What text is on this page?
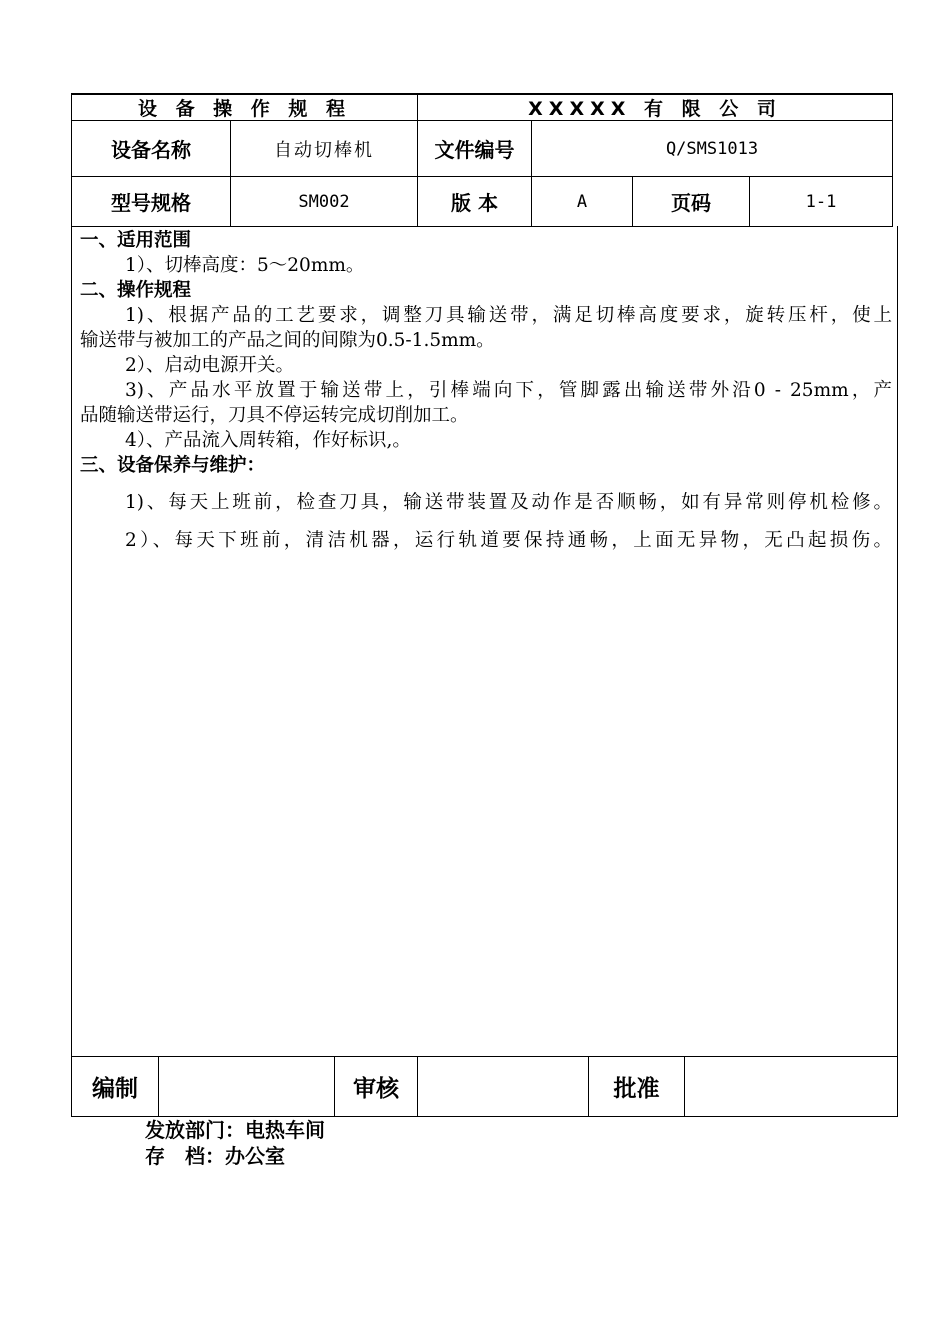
设 备 操 作 规 程	XXXXX 有 限 公 司
设备名称	自动切棒机	文件编号	Q/SMS1013
型号规格	SM002	版 本	A	页码	1-1
一、适用范围
1）、切棒高度：5～20mm。
二、操作规程
1)、根据产品的工艺要求，调整刀具输送带，满足切棒高度要求，旋转压杆，使上
输送带与被加工的产品之间的间隙为0.5-1.5mm。
2）、启动电源开关。
3)、产品水平放置于输送带上，引棒端向下，管脚露出输送带外沿0 - 25mm，产
品随输送带运行，刀具不停运转完成切削加工。
4）、产品流入周转箱，作好标识,。
三、设备保养与维护：
1)、每天上班前，检查刀具，输送带装置及动作是否顺畅，如有异常则停机检修。
2）、每天下班前，清洁机器，运行轨道要保持通畅，上面无异物，无凸起损伤。
编制	审核	批准
发放部门：电热车间
存　档：办公室
